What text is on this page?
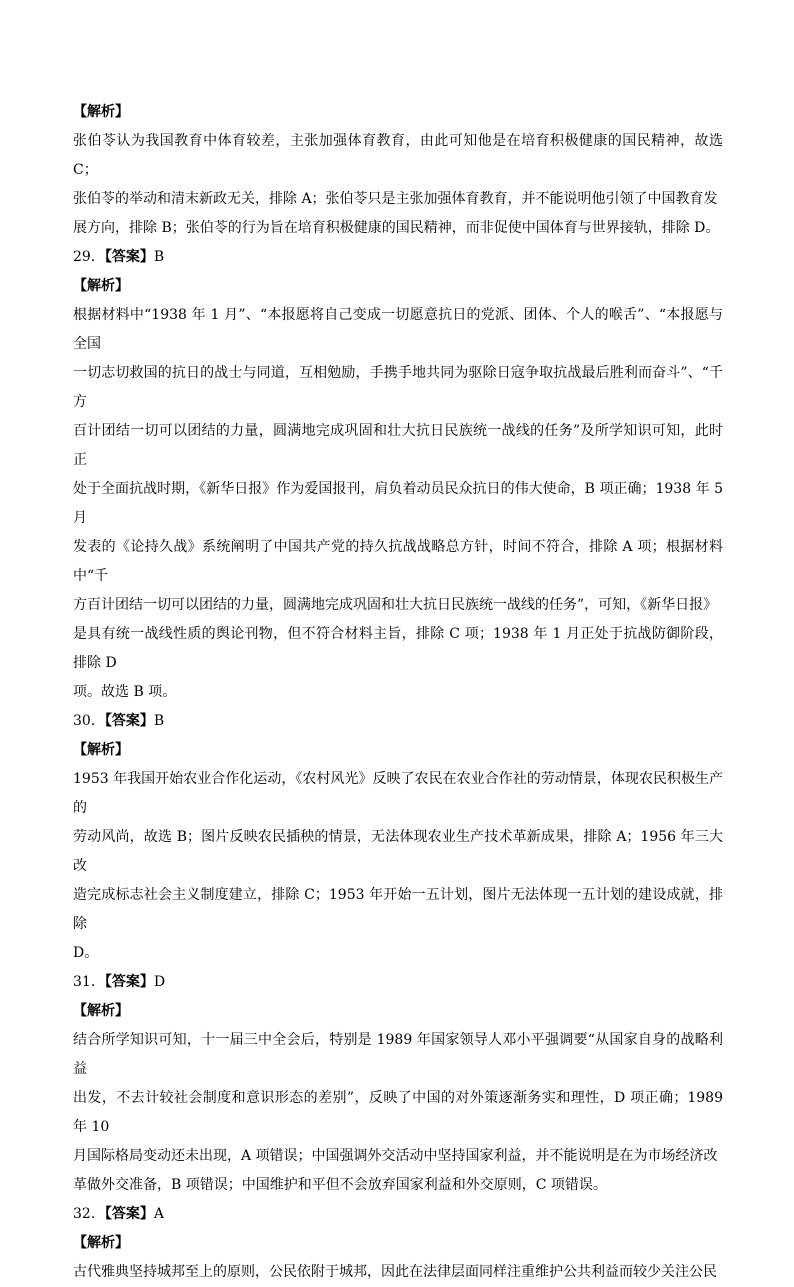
【解析】

张伯苓认为我国教育中体育较差，主张加强体育教育，由此可知他是在培育积极健康的国民精神，故选 C；
张伯苓的举动和清末新政无关，排除 A；张伯苓只是主张加强体育教育，并不能说明他引领了中国教育发
展方向，排除 B；张伯苓的行为旨在培育积极健康的国民精神，而非促使中国体育与世界接轨，排除 D。

29．【答案】B

【解析】

根据材料中“1938 年 1 月”、“本报愿将自己变成一切愿意抗日的党派、团体、个人的喉舌”、“本报愿与全国
一切志切救国的抗日的战士与同道，互相勉励，手携手地共同为驱除日寇争取抗战最后胜利而奋斗”、“千方
百计团结一切可以团结的力量，圆满地完成巩固和壮大抗日民族统一战线的任务”及所学知识可知，此时正
处于全面抗战时期，《新华日报》作为爱国报刊，肩负着动员民众抗日的伟大使命，B 项正确；1938 年 5 月
发表的《论持久战》系统阐明了中国共产党的持久抗战战略总方针，时间不符合，排除 A 项；根据材料中“千
方百计团结一切可以团结的力量，圆满地完成巩固和壮大抗日民族统一战线的任务”，可知，《新华日报》
是具有统一战线性质的舆论刊物，但不符合材料主旨，排除 C 项；1938 年 1 月正处于抗战防御阶段，排除 D
项。故选 B 项。

30．【答案】B

【解析】

1953 年我国开始农业合作化运动，《农村风光》反映了农民在农业合作社的劳动情景，体现农民积极生产的
劳动风尚，故选 B；图片反映农民插秧的情景，无法体现农业生产技术革新成果，排除 A；1956 年三大改
造完成标志社会主义制度建立，排除 C；1953 年开始一五计划，图片无法体现一五计划的建设成就，排除
D。

31．【答案】D

【解析】

结合所学知识可知，十一届三中全会后，特别是 1989 年国家领导人邓小平强调要“从国家自身的战略利益
出发，不去计较社会制度和意识形态的差别”，反映了中国的对外策逐渐务实和理性，D 项正确；1989 年 10
月国际格局变动还未出现，A 项错误；中国强调外交活动中坚持国家利益，并不能说明是在为市场经济改
革做外交准备，B 项错误；中国维护和平但不会放弃国家利益和外交原则，C 项错误。

32．【答案】A

【解析】

古代雅典坚持城邦至上的原则，公民依附于城邦，因此在法律层面同样注重维护公共利益而较少关注公民
